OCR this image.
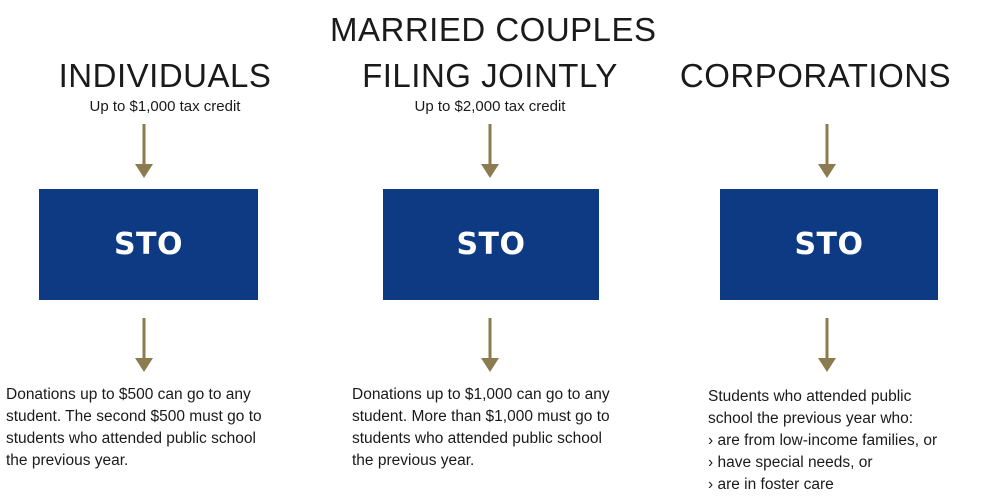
INDIVIDUALS
Up to $1,000 tax credit
STO
Donations up to $500 can go to any
student. The second $500 must go to
students who attended public school
the previous year.
MARRIED COUPLES
FILING JOINTLY
Up to $2,000 tax credit
STO
Donations up to $1,000 can go to any
student. More than $1,000 must go to
students who attended public school
the previous year.
CORPORATIONS
STO
Students who attended public
school the previous year who:
› are from low-income families, or
› have special needs, or
› are in foster care
